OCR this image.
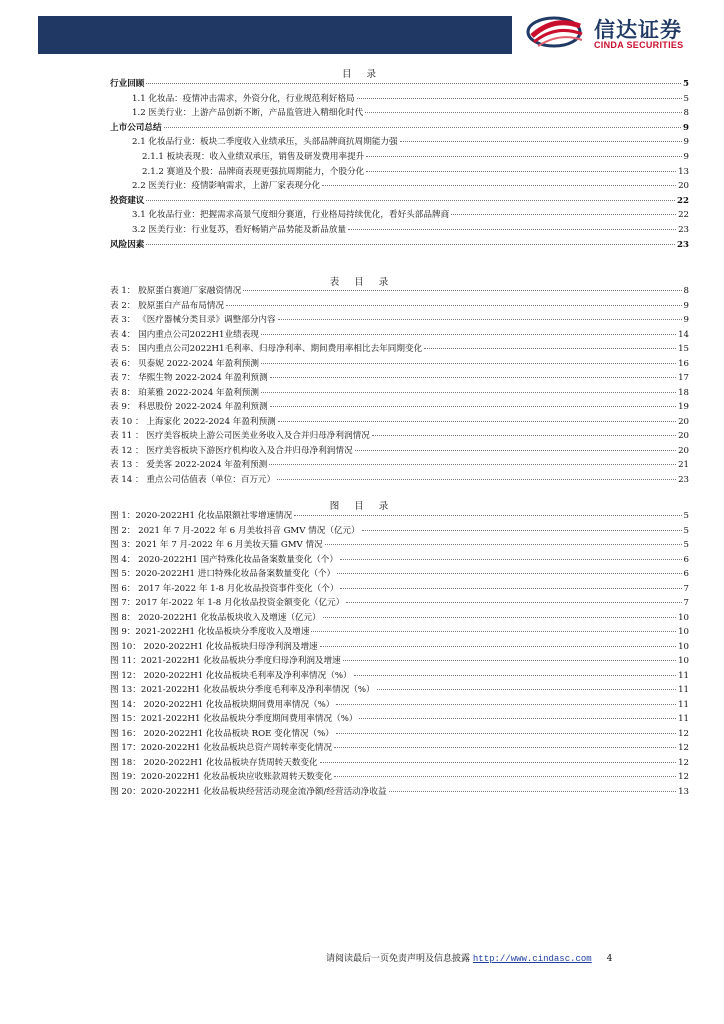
信达证券
CINDA SECURITIES
目 录
行业回顾	5
1.1 化妆品：疫情冲击需求，外资分化，行业规范利好格局	5
1.2 医美行业：上游产品创新不断，产品监管进入精细化时代	8
上市公司总结	9
2.1 化妆品行业：板块二季度收入业绩承压，头部品牌商抗周期能力强	9
2.1.1 板块表现：收入业绩双承压，销售及研发费用率提升	9
2.1.2 赛道及个股：品牌商表现更强抗周期能力，个股分化	13
2.2 医美行业：疫情影响需求，上游厂家表现分化	20
投资建议	22
3.1 化妆品行业：把握需求高景气度细分赛道，行业格局持续优化，看好头部品牌商	22
3.2 医美行业：行业复苏，看好畅销产品势能及新品放量	23
风险因素	23
表 目 录
表 1： 胶原蛋白赛道厂家融资情况	8
表 2： 胶原蛋白产品布局情况	9
表 3： 《医疗器械分类目录》调整部分内容	9
表 4： 国内重点公司2022H1业绩表现	14
表 5： 国内重点公司2022H1毛利率、归母净利率、期间费用率相比去年同期变化	15
表 6： 贝泰妮 2022-2024 年盈利预测	16
表 7： 华熙生物 2022-2024 年盈利预测	17
表 8： 珀莱雅 2022-2024 年盈利预测	18
表 9： 科思股份 2022-2024 年盈利预测	19
表 10 ： 上海家化 2022-2024 年盈利预测	20
表 11 ： 医疗美容板块上游公司医美业务收入及合并归母净利润情况	20
表 12 ： 医疗美容板块下游医疗机构收入及合并归母净利润情况	20
表 13 ： 爱美客 2022-2024 年盈利预测	21
表 14 ： 重点公司估值表（单位：百万元）	23
图 目 录
图 1：2020-2022H1 化妆品限额社零增速情况	5
图 2： 2021 年 7 月-2022 年 6 月美妆抖音 GMV 情况（亿元）	5
图 3：2021 年 7 月-2022 年 6 月美妆天猫 GMV 情况	5
图 4： 2020-2022H1 国产特殊化妆品备案数量变化（个）	6
图 5：2020-2022H1 进口特殊化妆品备案数量变化（个）	6
图 6： 2017 年-2022 年 1-8 月化妆品投资事件变化（个）	7
图 7：2017 年-2022 年 1-8 月化妆品投资金额变化（亿元）	7
图 8： 2020-2022H1 化妆品板块收入及增速（亿元）	10
图 9：2021-2022H1 化妆品板块分季度收入及增速	10
图 10： 2020-2022H1 化妆品板块归母净利润及增速	10
图 11：2021-2022H1 化妆品板块分季度归母净利润及增速	10
图 12： 2020-2022H1 化妆品板块毛利率及净利率情况（%）	11
图 13：2021-2022H1 化妆品板块分季度毛利率及净利率情况（%）	11
图 14： 2020-2022H1 化妆品板块期间费用率情况（%）	11
图 15：2021-2022H1 化妆品板块分季度期间费用率情况（%）	11
图 16： 2020-2022H1 化妆品板块 ROE 变化情况（%）	12
图 17：2020-2022H1 化妆品板块总资产周转率变化情况	12
图 18： 2020-2022H1 化妆品板块存货周转天数变化	12
图 19：2020-2022H1 化妆品板块应收账款周转天数变化	12
图 20：2020-2022H1 化妆品板块经营活动现金流净额/经营活动净收益	13
请阅读最后一页免责声明及信息披露 http://www.cindasc.com 4
